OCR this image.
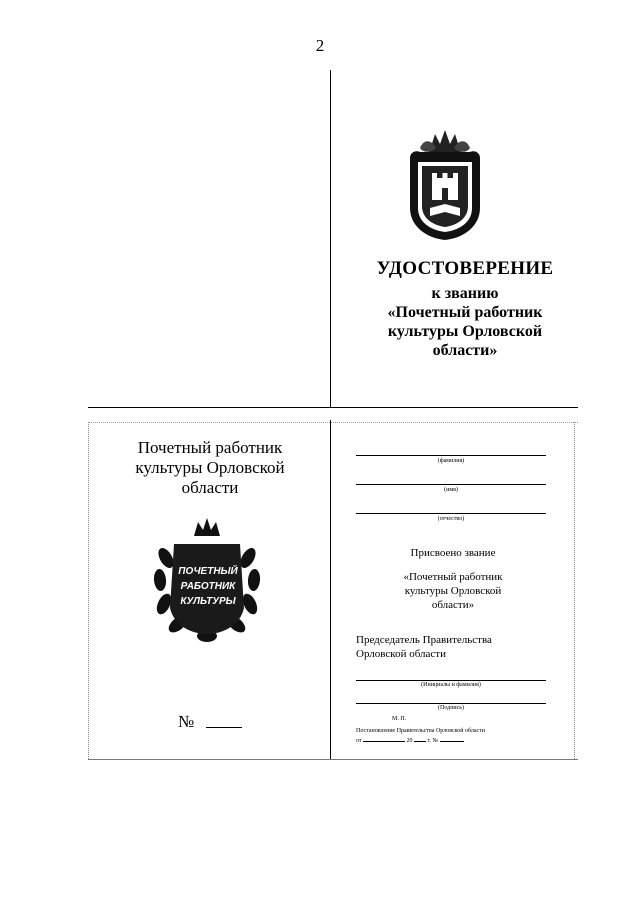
2
УДОСТОВЕРЕНИЕ
к званию
«Почетный работник
культуры Орловской
области»
Почетный работник
культуры Орловской
области
ПОЧЕТНЫЙ
РАБОТНИК
КУЛЬТУРЫ
№
(фамилия)
(имя)
(отчество)
Присвоено звание
«Почетный работник
культуры Орловской
области»
Председатель Правительства
Орловской области
(Инициалы и фамилия)
(Подпись)
М. П.
Постановление Правительства Орловской области
от	20	г. №
